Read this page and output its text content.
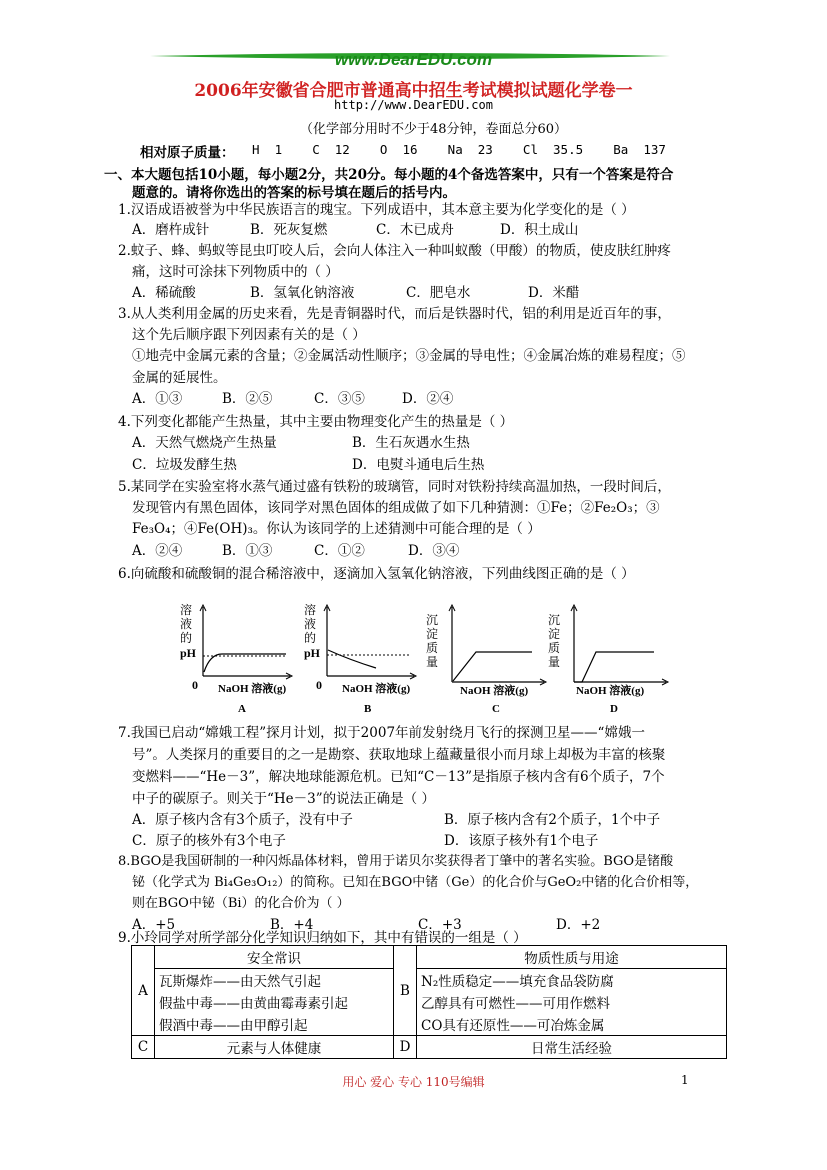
www.DearEDU.com
2006年安徽省合肥市普通高中招生考试模拟试题化学卷一
http://www.DearEDU.com
（化学部分用时不少于48分钟，卷面总分60）
相对原子质量： H  1    C  12    O  16    Na  23    Cl  35.5    Ba  137
一、本大题包括10小题，每小题2分，共20分。每小题的4个备选答案中，只有一个答案是符合
题意的。请将你选出的答案的标号填在题后的括号内。
1.汉语成语被誉为中华民族语言的瑰宝。下列成语中，其本意主要为化学变化的是（ ）
A．磨杵成针	B．死灰复燃	C．木已成舟	D．积土成山
2.蚊子、蜂、蚂蚁等昆虫叮咬人后，会向人体注入一种叫蚁酸（甲酸）的物质，使皮肤红肿疼
痛，这时可涂抹下列物质中的（ ）
A．稀硫酸	B．氢氧化钠溶液	C．肥皂水	D．米醋
3.从人类利用金属的历史来看，先是青铜器时代，而后是铁器时代，铝的利用是近百年的事，
这个先后顺序跟下列因素有关的是（ ）
①地壳中金属元素的含量；②金属活动性顺序；③金属的导电性；④金属冶炼的难易程度；⑤
金属的延展性。
A．①③	B．②⑤	C．③⑤	D．②④
4.下列变化都能产生热量，其中主要由物理变化产生的热量是（ ）
A．天然气燃烧产生热量	B．生石灰遇水生热
C．垃圾发酵生热	D．电熨斗通电后生热
5.某同学在实验室将水蒸气通过盛有铁粉的玻璃管，同时对铁粉持续高温加热，一段时间后，
发现管内有黑色固体，该同学对黑色固体的组成做了如下几种猜测：①Fe；②Fe₂O₃；③
Fe₃O₄；④Fe(OH)₃。你认为该同学的上述猜测中可能合理的是（ ）
A．②④	B．①③	C．①②	D．③④
6.向硫酸和硫酸铜的混合稀溶液中，逐滴加入氢氧化钠溶液，下列曲线图正确的是（ ）
溶
液
的
pH
0 NaOH 溶液(g)
A
溶
液
的
pH
0 NaOH 溶液(g)
B
沉
淀
质
量
NaOH 溶液(g)
C
沉
淀
质
量
NaOH 溶液(g)
D
7.我国已启动“嫦娥工程”探月计划，拟于2007年前发射绕月飞行的探测卫星——“嫦娥一
号”。人类探月的重要目的之一是勘察、获取地球上蕴藏量很小而月球上却极为丰富的核聚
变燃料——“He－3”，解决地球能源危机。已知“C－13”是指原子核内含有6个质子，7个
中子的碳原子。则关于“He－3”的说法正确是（ ）
A．原子核内含有3个质子，没有中子	B．原子核内含有2个质子，1个中子
C．原子的核外有3个电子	D．该原子核外有1个电子
8.BGO是我国研制的一种闪烁晶体材料，曾用于诺贝尔奖获得者丁肇中的著名实验。BGO是锗酸
铋（化学式为 Bi₄Ge₃O₁₂）的简称。已知在BGO中锗（Ge）的化合价与GeO₂中锗的化合价相等，
则在BGO中铋（Bi）的化合价为（ ）
A．+5	B．+4	C．+3	D．+2
9.小玲同学对所学部分化学知识归纳如下，其中有错误的一组是（ ）
A	安全常识	B	物质性质与用途
	瓦斯爆炸——由天然气引起		N₂性质稳定——填充食品袋防腐
	假盐中毒——由黄曲霉毒素引起		乙醇具有可燃性——可用作燃料
	假酒中毒——由甲醇引起		CO具有还原性——可冶炼金属
C	元素与人体健康	D	日常生活经验
用心 爱心 专心 110号编辑	1
